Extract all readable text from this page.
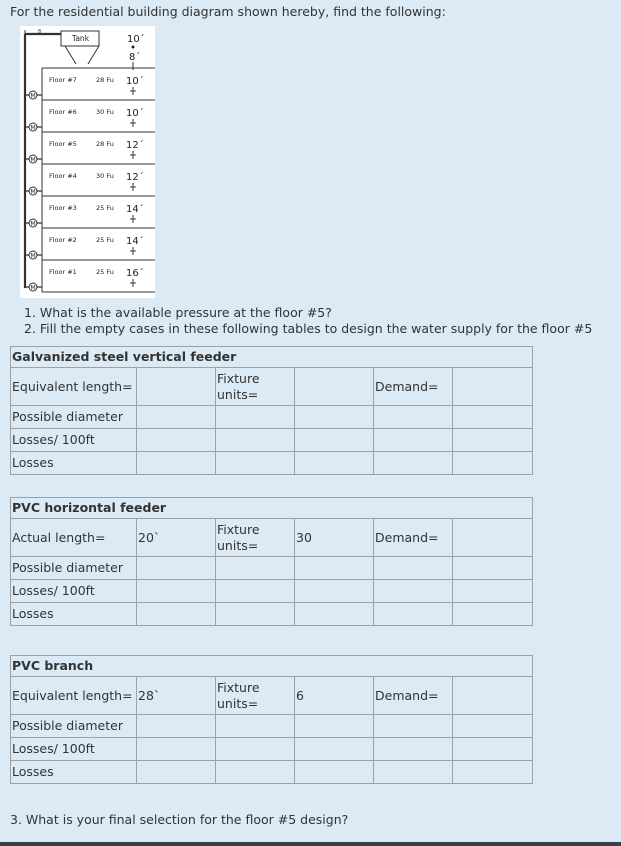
For the residential building diagram shown hereby, find the following:
8
Tank	10ˊ
8ˊ
Floor #7	28 Fu 10ˊ
M
Floor #6	30 Fu 10ˊ
M
Floor #5	28 Fu 12ˊ
M
Floor #4	30 Fu 12ˊ
M
Floor #3	25 Fu 14ˊ
M
Floor #2	25 Fu 14ˊ
M
Floor #1	25 Fu 16ˊ
M
1. What is the available pressure at the floor #5?
2. Fill the empty cases in these following tables to design the water supply for the floor #5
Galvanized steel vertical feeder					
Equivalent length=		Fixture units=		Demand=	
Possible diameter					
Losses/ 100ft					
Losses					
PVC horizontal feeder					
Actual length=	20`	Fixture units=	30	Demand=	
Possible diameter					
Losses/ 100ft					
Losses					
PVC branch					
Equivalent length=	28`	Fixture units=	6	Demand=	
Possible diameter					
Losses/ 100ft					
Losses					
3. What is your final selection for the floor #5 design?
